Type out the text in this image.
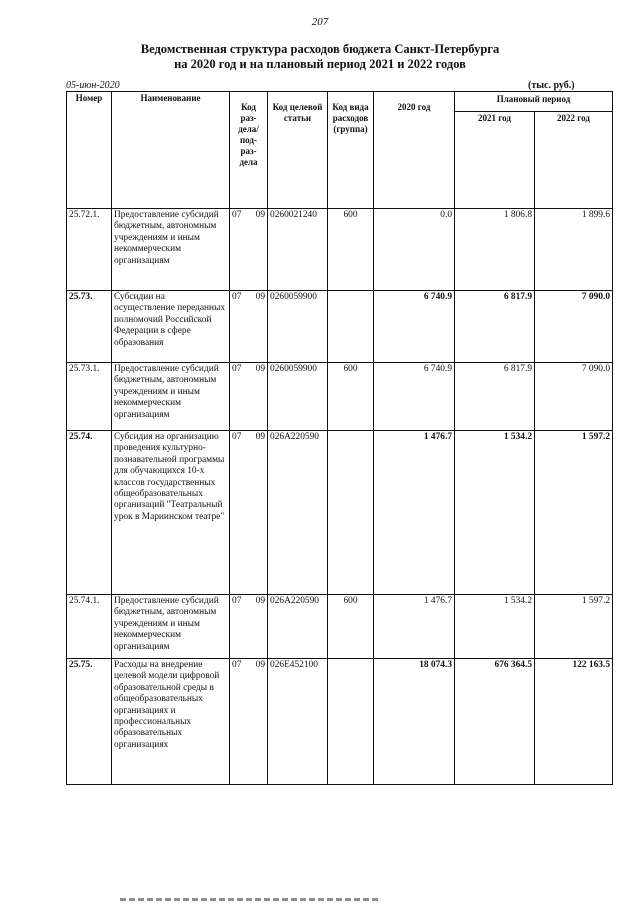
207
Ведомственная структура расходов бюджета Санкт-Петербурга
на 2020 год и на плановый период 2021 и 2022 годов
05-июн-2020	(тыс. руб.)
Номер	Наименование	Код раз-дела/ под-раз-дела	Код целевой статьи	Код вида расходов (группа)	2020 год	Плановый период	
						2021 год	2022 год
25.72.1.	Предоставление субсидий бюджетным, автономным учреждениям и иным некоммерческим организациям	07 09	0260021240	600	0.0	1 806.8	1 899.6
25.73.	Субсидии на осуществление переданных полномочий Российской Федерации в сфере образования	07 09	0260059900		6 740.9	6 817.9	7 090.0
25.73.1.	Предоставление субсидий бюджетным, автономным учреждениям и иным некоммерческим организациям	07 09	0260059900	600	6 740.9	6 817.9	7 090.0
25.74.	Субсидия на организацию проведения культурно-познавательной программы для обучающихся 10-х классов государственных общеобразовательных организаций "Театральный урок в Мариинском театре"	07 09	026A220590		1 476.7	1 534.2	1 597.2
25.74.1.	Предоставление субсидий бюджетным, автономным учреждениям и иным некоммерческим организациям	07 09	026A220590	600	1 476.7	1 534.2	1 597.2
25.75.	Расходы на внедрение целевой модели цифровой образовательной среды в общеобразовательных организациях и профессиональных образовательных организациях	07 09	026E452100		18 074.3	676 364.5	122 163.5
